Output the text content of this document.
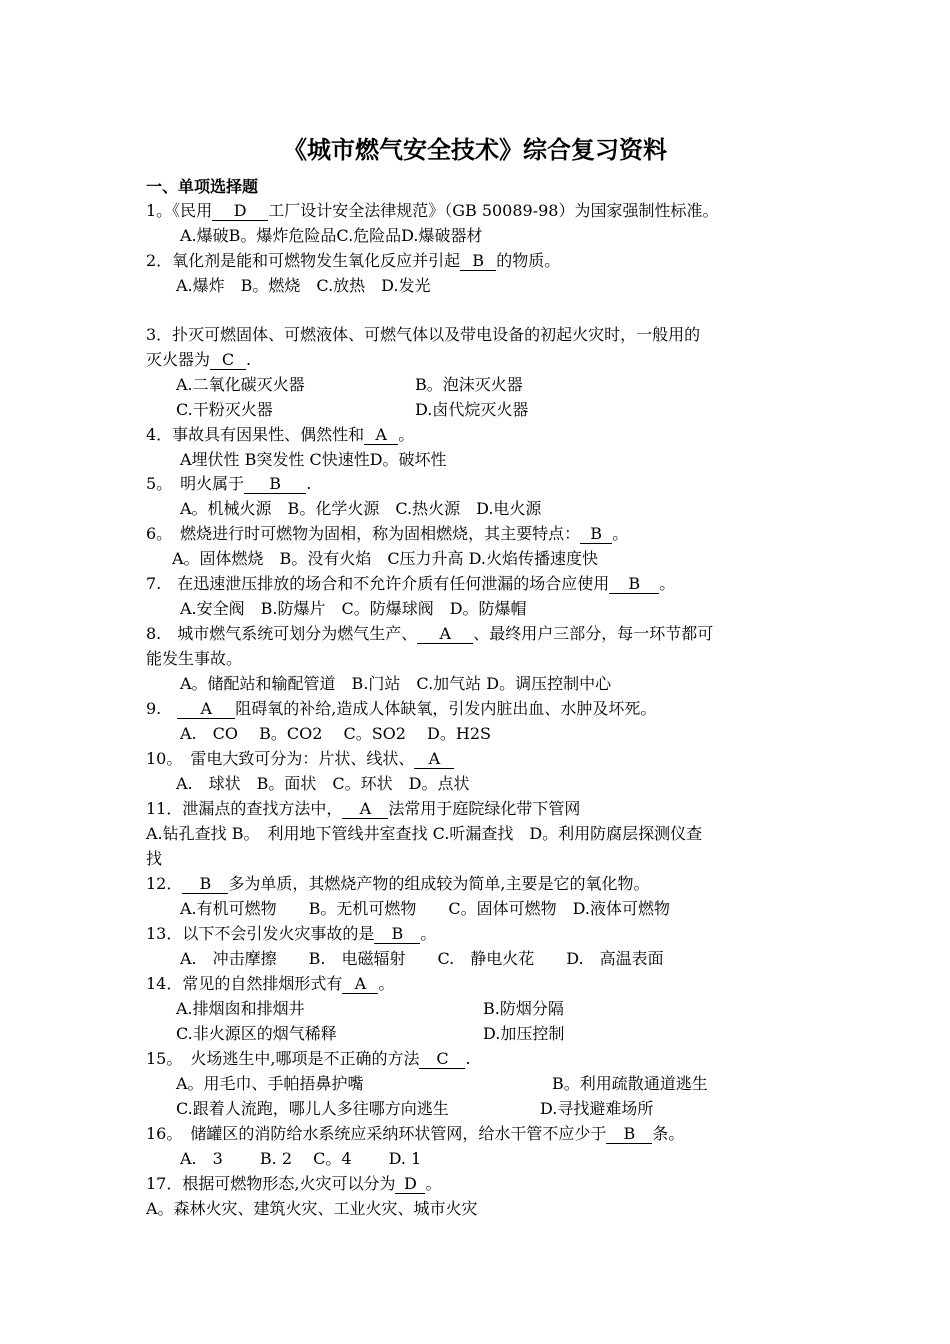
《城市燃气安全技术》综合复习资料
一、单项选择题
1。《民用 D 工厂设计安全法律规范》（GB 50089-98）为国家强制性标准。
A.爆破B。爆炸危险品C.危险品D.爆破器材
2．氧化剂是能和可燃物发生氧化反应并引起 B 的物质。
A.爆炸　B。燃烧　C.放热　D.发光
3．扑灭可燃固体、可燃液体、可燃气体以及带电设备的初起火灾时，一般用的
灭火器为 C .
A.二氧化碳灭火器	B。泡沫灭火器
C.干粉灭火器	D.卤代烷灭火器
4．事故具有因果性、偶然性和 A 。
A埋伏性 B突发性 C快速性D。破坏性
5。　明火属于 B .
A。机械火源　B。化学火源　C.热火源　D.电火源
6。　燃烧进行时可燃物为固相，称为固相燃烧，其主要特点： B 。
A。固体燃烧　B。没有火焰　C压力升高 D.火焰传播速度快
7.　在迅速泄压排放的场合和不允许介质有任何泄漏的场合应使用 B 。
A.安全阀　B.防爆片　C。防爆球阀　D。防爆帽
8.　城市燃气系统可划分为燃气生产、 A 、最终用户三部分，每一环节都可
能发生事故。
A。储配站和输配管道　B.门站　C.加气站 D。调压控制中心
9.　A 阻碍氧的补给,造成人体缺氧，引发内脏出血、水肿及坏死。
A.　CO　 B。CO2　 C。SO2　 D。H2S
10。　雷电大致可分为：片状、线状、 A
A.　球状　B。面状　C。环状　D。点状
11．泄漏点的查找方法中， A 法常用于庭院绿化带下管网
A.钻孔查找 B。　利用地下管线井室查找 C.听漏查找　D。利用防腐层探测仪查
找
12． B 多为单质，其燃烧产物的组成较为简单,主要是它的氧化物。
A.有机可燃物　　B。无机可燃物　　C。固体可燃物　D.液体可燃物
13．以下不会引发火灾事故的是 B 。
A.　冲击摩擦　　B.　电磁辐射　　C.　静电火花　　D.　高温表面
14．常见的自然排烟形式有 A 。
A.排烟囱和排烟井	B.防烟分隔
C.非火源区的烟气稀释	D.加压控制
15。　火场逃生中,哪项是不正确的方法 C .
A。用毛巾、手帕捂鼻护嘴	B。利用疏散通道逃生
C.跟着人流跑，哪儿人多往哪方向逃生	D.寻找避难场所
16。　储罐区的消防给水系统应采纳环状管网，给水干管不应少于 B 条。
A.　3　　 B. 2　 C。4　　 D. 1
17．根据可燃物形态,火灾可以分为 D 。
A。森林火灾、建筑火灾、工业火灾、城市火灾
